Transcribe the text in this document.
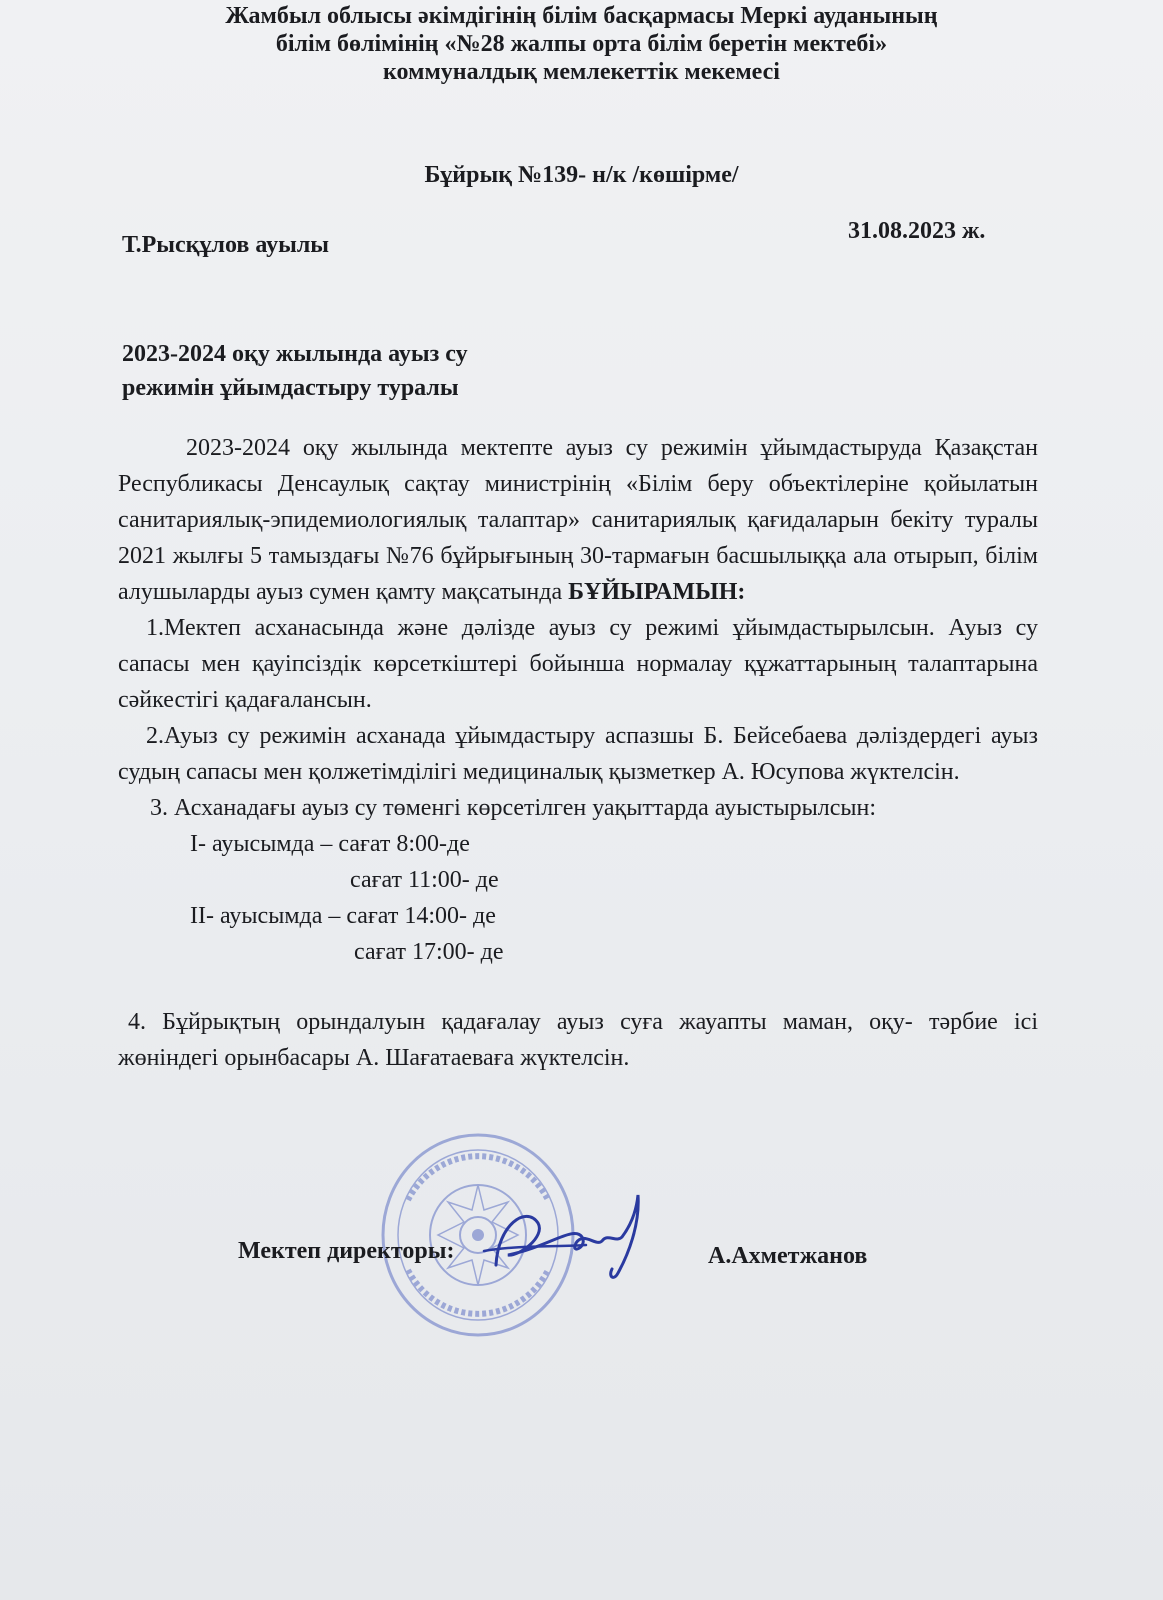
Жамбыл облысы әкімдігінің білім басқармасы Меркі ауданының
білім бөлімінің «№28 жалпы орта білім беретін мектебі»
коммуналдық мемлекеттік мекемесі
Бұйрық №139- н/к /көшірме/
Т.Рысқұлов ауылы
31.08.2023 ж.
2023-2024 оқу жылында ауыз су
режимін ұйымдастыру туралы

2023-2024 оқу жылында мектепте ауыз су режимін ұйымдастыруда Қазақстан Республикасы Денсаулық сақтау министрінің «Білім беру объектілеріне қойылатын санитариялық-эпидемиологиялық талаптар» санитариялық қағидаларын бекіту туралы 2021 жылғы 5 тамыздағы №76 бұйрығының 30-тармағын басшылыққа ала отырып, білім алушыларды ауыз сумен қамту мақсатында БҰЙЫРАМЫН:

1.Мектеп асханасында және дәлізде ауыз су режимі ұйымдастырылсын. Ауыз су сапасы мен қауіпсіздік көрсеткіштері бойынша нормалау құжаттарының талаптарына сәйкестігі қадағалансын.

2.Ауыз су режимін асханада ұйымдастыру аспазшы Б. Бейсебаева дәліздердегі ауыз судың сапасы мен қолжетімділігі медициналық қызметкер А. Юсупова жүктелсін.

3. Асханадағы ауыз су төменгі көрсетілген уақыттарда ауыстырылсын:

І- ауысымда – сағат 8:00-де
сағат 11:00- де
ІІ- ауысымда – сағат 14:00- де
сағат 17:00- де

4. Бұйрықтың орындалуын қадағалау ауыз суға жауапты маман, оқу- тәрбие ісі жөніндегі орынбасары А. Шағатаеваға жүктелсін.

Мектеп директоры:	А.Ахметжанов
